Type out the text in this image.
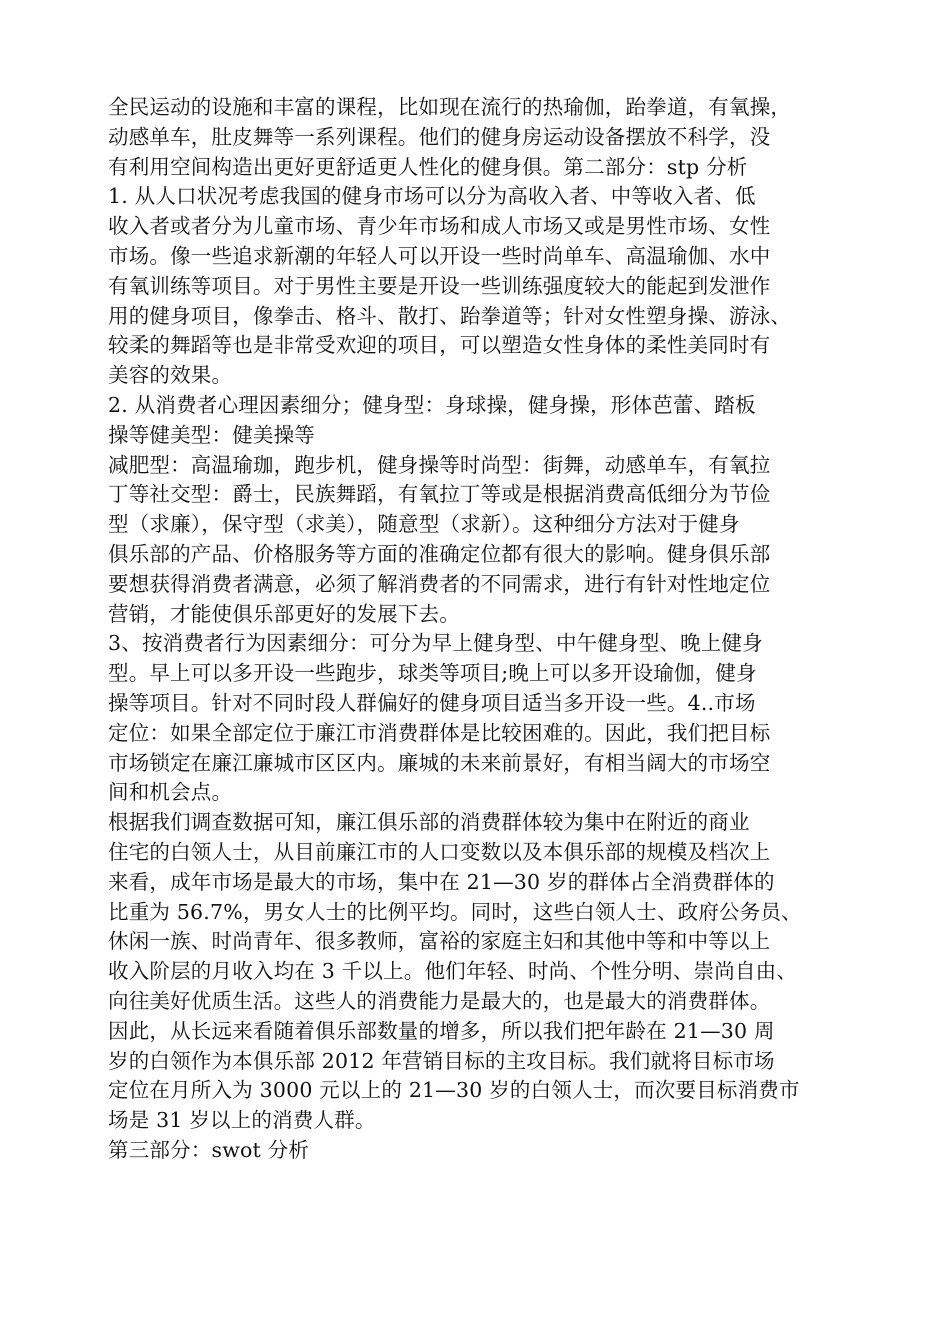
全民运动的设施和丰富的课程，比如现在流行的热瑜伽，跆拳道，有氧操，
动感单车，肚皮舞等一系列课程。他们的健身房运动设备摆放不科学，没
有利用空间构造出更好更舒适更人性化的健身俱。第二部分：stp 分析
1. 从人口状况考虑我国的健身市场可以分为高收入者、中等收入者、低
收入者或者分为儿童市场、青少年市场和成人市场又或是男性市场、女性
市场。像一些追求新潮的年轻人可以开设一些时尚单车、高温瑜伽、水中
有氧训练等项目。对于男性主要是开设一些训练强度较大的能起到发泄作
用的健身项目，像拳击、格斗、散打、跆拳道等；针对女性塑身操、游泳、
较柔的舞蹈等也是非常受欢迎的项目，可以塑造女性身体的柔性美同时有
美容的效果。
2. 从消费者心理因素细分；健身型：身球操，健身操，形体芭蕾、踏板
操等健美型：健美操等
减肥型：高温瑜珈，跑步机，健身操等时尚型：街舞，动感单车，有氧拉
丁等社交型：爵士，民族舞蹈，有氧拉丁等或是根据消费高低细分为节俭
型（求廉），保守型（求美），随意型（求新）。这种细分方法对于健身
俱乐部的产品、价格服务等方面的准确定位都有很大的影响。健身俱乐部
要想获得消费者满意，必须了解消费者的不同需求，进行有针对性地定位
营销，才能使俱乐部更好的发展下去。
3、按消费者行为因素细分：可分为早上健身型、中午健身型、晚上健身
型。早上可以多开设一些跑步，球类等项目;晚上可以多开设瑜伽，健身
操等项目。针对不同时段人群偏好的健身项目适当多开设一些。4..市场
定位：如果全部定位于廉江市消费群体是比较困难的。因此，我们把目标
市场锁定在廉江廉城市区区内。廉城的未来前景好，有相当阔大的市场空
间和机会点。
根据我们调查数据可知，廉江俱乐部的消费群体较为集中在附近的商业
住宅的白领人士，从目前廉江市的人口变数以及本俱乐部的规模及档次上
来看，成年市场是最大的市场，集中在 21—30 岁的群体占全消费群体的
比重为 56.7%，男女人士的比例平均。同时，这些白领人士、政府公务员、
休闲一族、时尚青年、很多教师，富裕的家庭主妇和其他中等和中等以上
收入阶层的月收入均在 3 千以上。他们年轻、时尚、个性分明、崇尚自由、
向往美好优质生活。这些人的消费能力是最大的，也是最大的消费群体。
因此，从长远来看随着俱乐部数量的增多，所以我们把年龄在 21—30 周
岁的白领作为本俱乐部 2012 年营销目标的主攻目标。我们就将目标市场
定位在月所入为 3000 元以上的 21—30 岁的白领人士，而次要目标消费市
场是 31 岁以上的消费人群。
第三部分：swot 分析
